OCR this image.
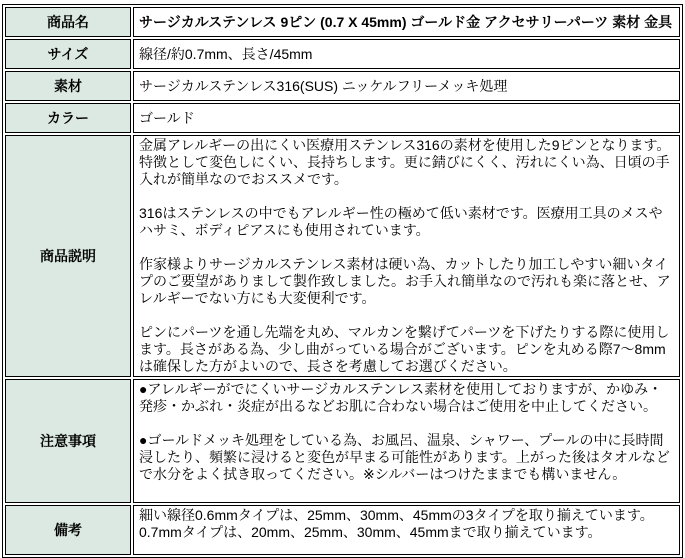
商品名	サージカルステンレス 9ピン (0.7 X 45mm) ゴールド金 アクセサリーパーツ 素材 金具
サイズ	線径/約0.7mm、長さ/45mm
素材	サージカルステンレス316(SUS) ニッケルフリーメッキ処理
カラー	ゴールド
商品説明	金属アレルギーの出にくい医療用ステンレス316の素材を使用した9ピンとなります。特徴として変色しにくい、長持ちします。更に錆びにくく、汚れにくい為、日頃の手入れが簡単なのでおススメです。

316はステンレスの中でもアレルギー性の極めて低い素材です。医療用工具のメスやハサミ、ボディピアスにも使用されています。

作家様よりサージカルステンレス素材は硬い為、カットしたり加工しやすい細いタイプのご要望がありまして製作致しました。お手入れ簡単なので汚れも楽に落とせ、アレルギーでない方にも大変便利です。

ピンにパーツを通し先端を丸め、マルカンを繋げてパーツを下げたりする際に使用します。長さがある為、少し曲がっている場合がございます。ピンを丸める際7～8mmは確保した方がよいので、長さを考慮してお選びください。

注意事項	●アレルギーがでにくいサージカルステンレス素材を使用しておりますが、かゆみ・発疹・かぶれ・炎症が出るなどお肌に合わない場合はご使用を中止してください。

●ゴールドメッキ処理をしている為、お風呂、温泉、シャワー、プールの中に長時間浸したり、頻繁に浸けると変色が早まる可能性があります。上がった後はタオルなどで水分をよく拭き取ってください。※シルバーはつけたままでも構いません。

備考	細い線径0.6mmタイプは、25mm、30mm、45mmの3タイプを取り揃えています。0.7mmタイプは、20mm、25mm、30mm、45mmまで取り揃えています。
